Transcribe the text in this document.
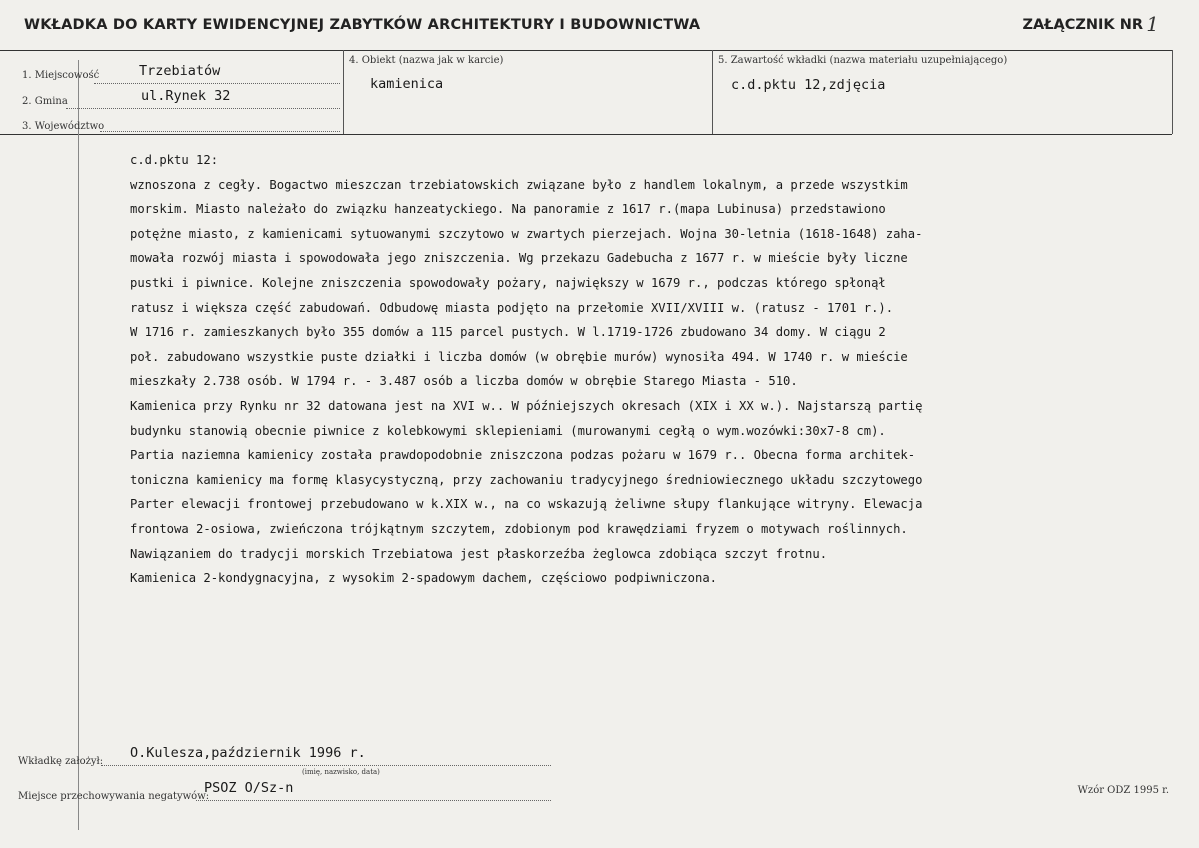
WKŁADKA DO KARTY EWIDENCYJNEJ ZABYTKÓW ARCHITEKTURY I BUDOWNICTWA	ZAŁĄCZNIK NR 1
1. Miejscowość	Trzebiatów
2. Gmina	ul.Rynek 32
3. Województwo
4. Obiekt (nazwa jak w karcie)
kamienica
5. Zawartość wkładki (nazwa materiału uzupełniającego)
c.d.pktu 12,zdjęcia
c.d.pktu 12:
wznoszona z cegły. Bogactwo mieszczan trzebiatowskich związane było z handlem lokalnym, a przede wszystkim
morskim. Miasto należało do związku hanzeatyckiego. Na panoramie z 1617 r.(mapa Lubinusa) przedstawiono
potężne miasto, z kamienicami sytuowanymi szczytowo w zwartych pierzejach. Wojna 30-letnia (1618-1648) zaha-
mowała rozwój miasta i spowodowała jego zniszczenia. Wg przekazu Gadebucha z 1677 r. w mieście były liczne
pustki i piwnice. Kolejne zniszczenia spowodowały pożary, największy w 1679 r., podczas którego spłonął
ratusz i większa część zabudowań. Odbudowę miasta podjęto na przełomie XVII/XVIII w. (ratusz - 1701 r.).
W 1716 r. zamieszkanych było 355 domów a 115 parcel pustych. W l.1719-1726 zbudowano 34 domy. W ciągu 2
poł. zabudowano wszystkie puste działki i liczba domów (w obrębie murów) wynosiła 494. W 1740 r. w mieście
mieszkały 2.738 osób. W 1794 r. - 3.487 osób a liczba domów w obrębie Starego Miasta - 510.
Kamienica przy Rynku nr 32 datowana jest na XVI w.. W późniejszych okresach (XIX i XX w.). Najstarszą partię
budynku stanowią obecnie piwnice z kolebkowymi sklepieniami (murowanymi cegłą o wym.wozówki:30x7-8 cm).
Partia naziemna kamienicy została prawdopodobnie zniszczona podzas pożaru w 1679 r.. Obecna forma architek-
toniczna kamienicy ma formę klasycystyczną, przy zachowaniu tradycyjnego średniowiecznego układu szczytowego
Parter elewacji frontowej przebudowano w k.XIX w., na co wskazują żeliwne słupy flankujące witryny. Elewacja
frontowa 2-osiowa, zwieńczona trójkątnym szczytem, zdobionym pod krawędziami fryzem o motywach roślinnych.
Nawiązaniem do tradycji morskich Trzebiatowa jest płaskorzeźba żeglowca zdobiąca szczyt frotnu.
Kamienica 2-kondygnacyjna, z wysokim 2-spadowym dachem, częściowo podpiwniczona.
Wkładkę założył:
O.Kulesza,październik 1996 r.
(imię, nazwisko, data)
Miejsce przechowywania negatywów:
PSOZ O/Sz-n	Wzór ODZ 1995 r.
